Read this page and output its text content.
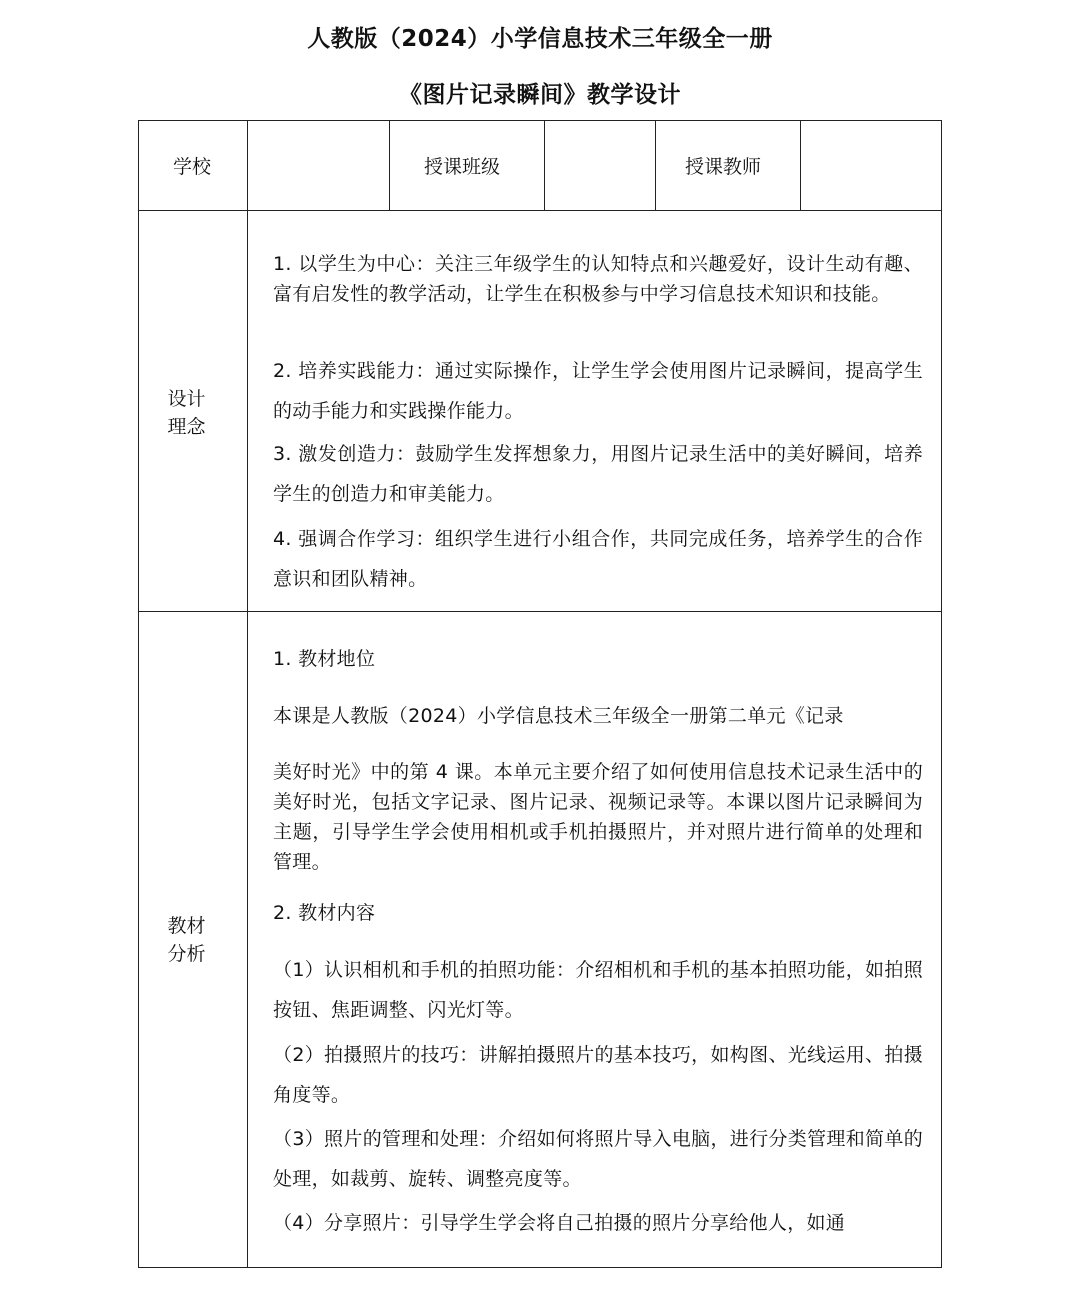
人教版（2024）小学信息技术三年级全一册
《图片记录瞬间》教学设计
学校	授课班级	授课教师
设计
理念
1. 以学生为中心：关注三年级学生的认知特点和兴趣爱好，设计生动有趣、富有启发性的教学活动，让学生在积极参与中学习信息技术知识和技能。
2. 培养实践能力：通过实际操作，让学生学会使用图片记录瞬间，提高学生的动手能力和实践操作能力。
3. 激发创造力：鼓励学生发挥想象力，用图片记录生活中的美好瞬间，培养学生的创造力和审美能力。
4. 强调合作学习：组织学生进行小组合作，共同完成任务，培养学生的合作意识和团队精神。
教材
分析
1. 教材地位
本课是人教版（2024）小学信息技术三年级全一册第二单元《记录
美好时光》中的第 4 课。本单元主要介绍了如何使用信息技术记录生活中的美好时光，包括文字记录、图片记录、视频记录等。本课以图片记录瞬间为主题，引导学生学会使用相机或手机拍摄照片，并对照片进行简单的处理和管理。
2. 教材内容
（1）认识相机和手机的拍照功能：介绍相机和手机的基本拍照功能，如拍照按钮、焦距调整、闪光灯等。
（2）拍摄照片的技巧：讲解拍摄照片的基本技巧，如构图、光线运用、拍摄角度等。
（3）照片的管理和处理：介绍如何将照片导入电脑，进行分类管理和简单的处理，如裁剪、旋转、调整亮度等。
（4）分享照片：引导学生学会将自己拍摄的照片分享给他人，如通
